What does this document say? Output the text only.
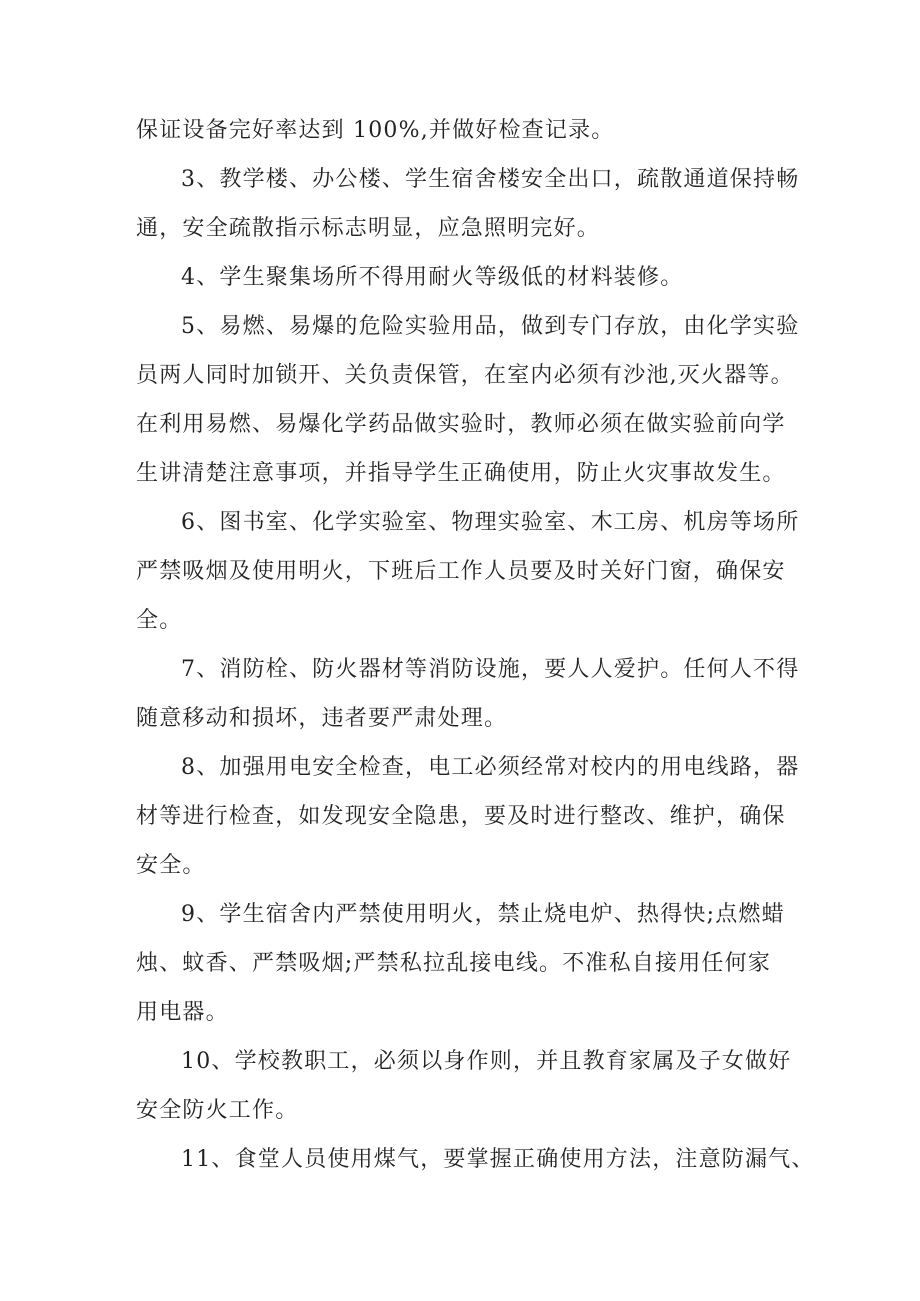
保证设备完好率达到 100%,并做好检查记录。

3、教学楼、办公楼、学生宿舍楼安全出口，疏散通道保持畅

通，安全疏散指示标志明显，应急照明完好。

4、学生聚集场所不得用耐火等级低的材料装修。

5、易燃、易爆的危险实验用品，做到专门存放，由化学实验

员两人同时加锁开、关负责保管，在室内必须有沙池,灭火器等。

在利用易燃、易爆化学药品做实验时，教师必须在做实验前向学

生讲清楚注意事项，并指导学生正确使用，防止火灾事故发生。

6、图书室、化学实验室、物理实验室、木工房、机房等场所

严禁吸烟及使用明火，下班后工作人员要及时关好门窗，确保安

全。

7、消防栓、防火器材等消防设施，要人人爱护。任何人不得

随意移动和损坏，违者要严肃处理。

8、加强用电安全检查，电工必须经常对校内的用电线路，器

材等进行检查，如发现安全隐患，要及时进行整改、维护，确保

安全。

9、学生宿舍内严禁使用明火，禁止烧电炉、热得快;点燃蜡

烛、蚊香、严禁吸烟;严禁私拉乱接电线。不准私自接用任何家

用电器。

10、学校教职工，必须以身作则，并且教育家属及子女做好

安全防火工作。

11、食堂人员使用煤气，要掌握正确使用方法，注意防漏气、
